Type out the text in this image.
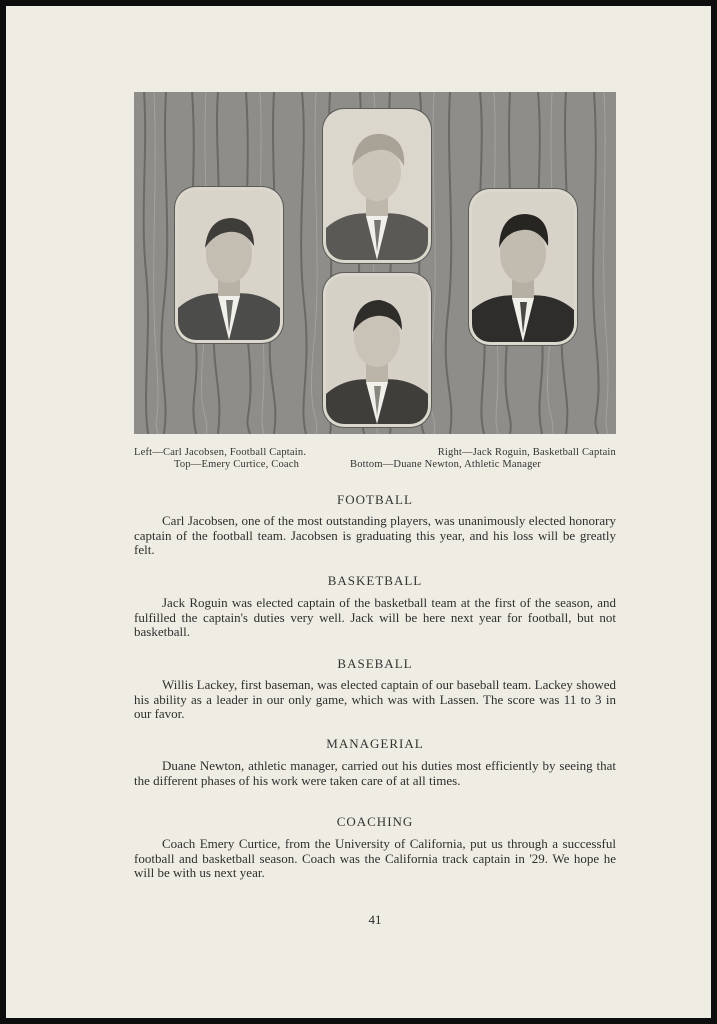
Left—Carl Jacobsen, Football Captain.	Right—Jack Roguin, Basketball Captain
Top—Emery Curtice, Coach	Bottom—Duane Newton, Athletic Manager
FOOTBALL
Carl Jacobsen, one of the most outstanding players, was unanimously elected honorary captain of the football team. Jacobsen is graduating this year, and his loss will be greatly felt.
BASKETBALL
Jack Roguin was elected captain of the basketball team at the first of the season, and fulfilled the captain's duties very well. Jack will be here next year for football, but not basketball.
BASEBALL
Willis Lackey, first baseman, was elected captain of our baseball team. Lackey showed his ability as a leader in our only game, which was with Lassen. The score was 11 to 3 in our favor.
MANAGERIAL
Duane Newton, athletic manager, carried out his duties most efficiently by seeing that the different phases of his work were taken care of at all times.
COACHING
Coach Emery Curtice, from the University of California, put us through a successful football and basketball season. Coach was the California track captain in '29. We hope he will be with us next year.
41
